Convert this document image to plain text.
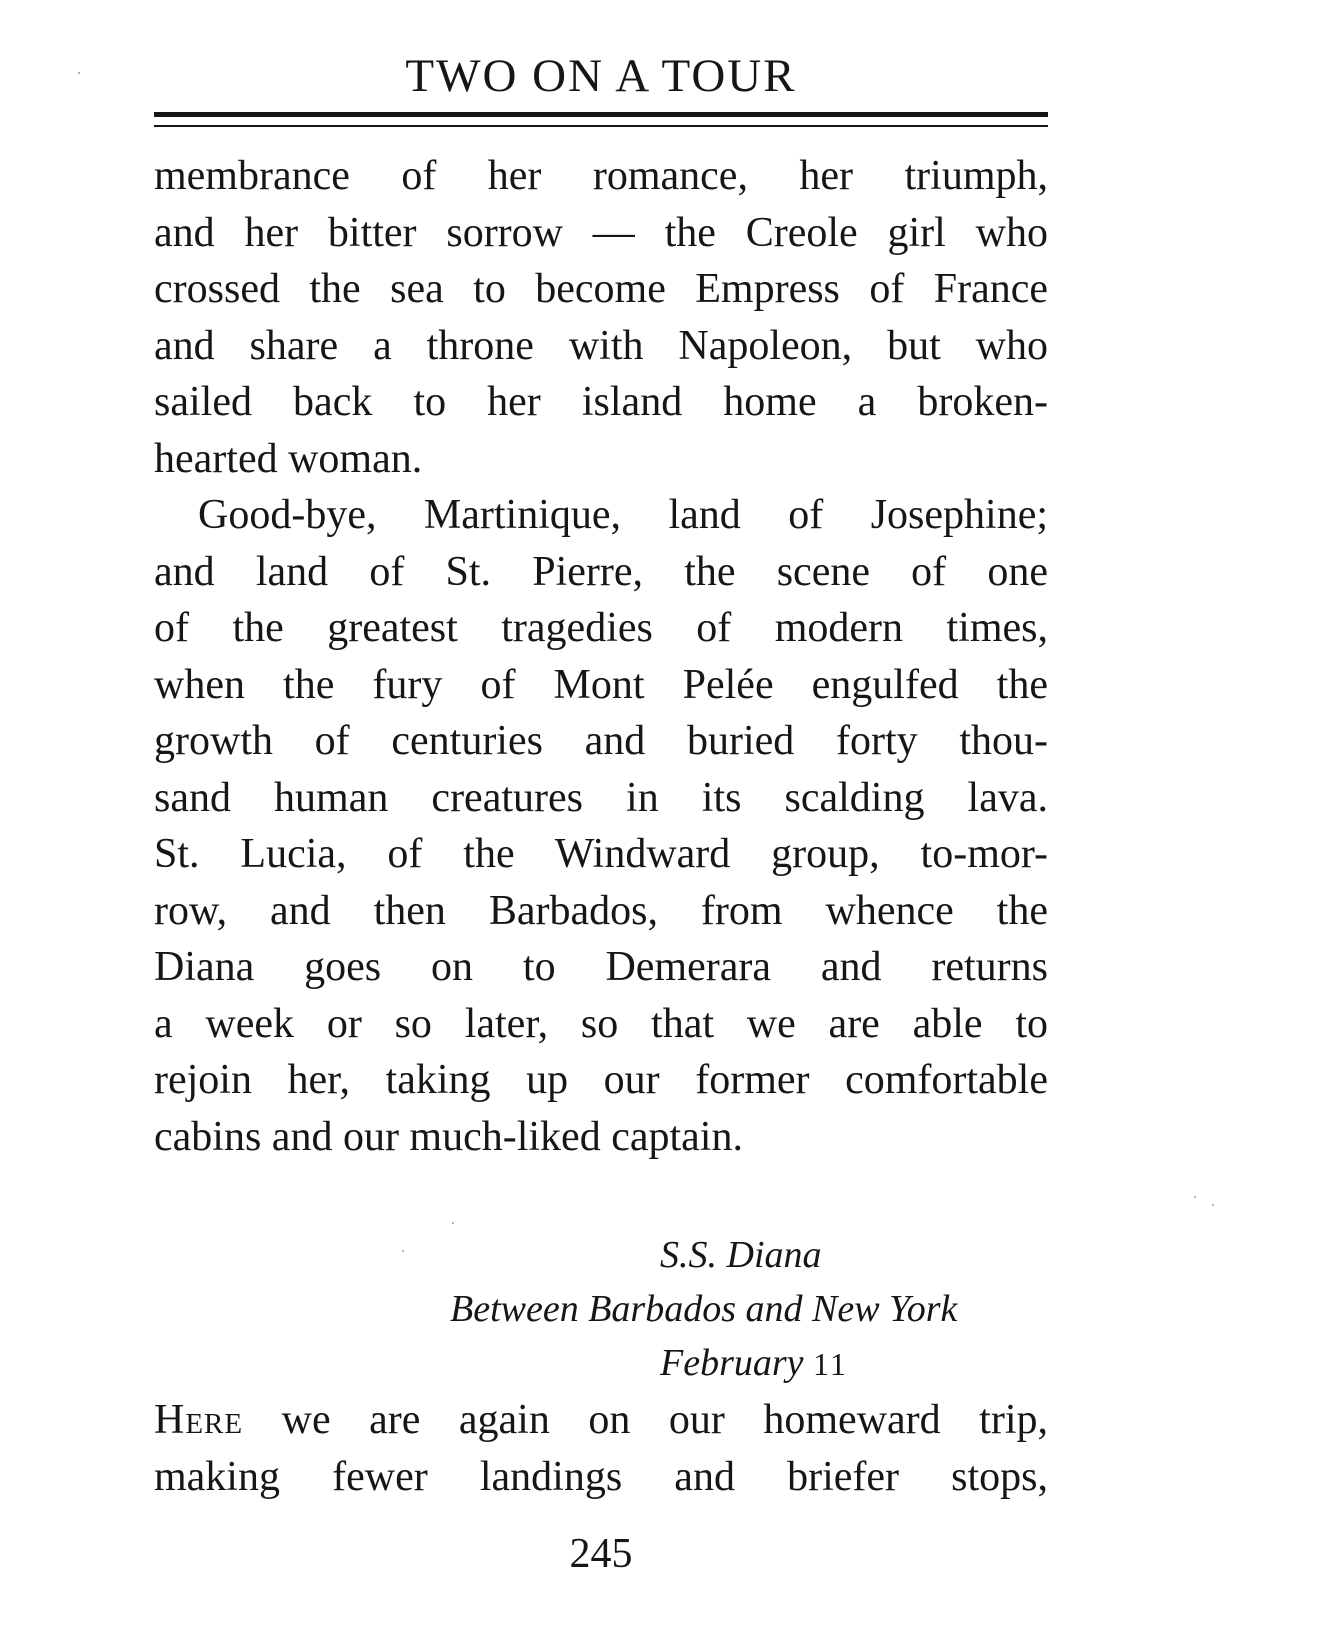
TWO ON A TOUR
membrance of her romance, her triumph,
and her bitter sorrow — the Creole girl who
crossed the sea to become Empress of France
and share a throne with Napoleon, but who
sailed back to her island home a broken-
hearted woman.
Good-bye, Martinique, land of Josephine;
and land of St. Pierre, the scene of one
of the greatest tragedies of modern times,
when the fury of Mont Pelée engulfed the
growth of centuries and buried forty thou-
sand human creatures in its scalding lava.
St. Lucia, of the Windward group, to-mor-
row, and then Barbados, from whence the
Diana goes on to Demerara and returns
a week or so later, so that we are able to
rejoin her, taking up our former comfortable
cabins and our much-liked captain.
S.S. Diana
Between Barbados and New York
February 11
Here we are again on our homeward trip,
making fewer landings and briefer stops,
245
